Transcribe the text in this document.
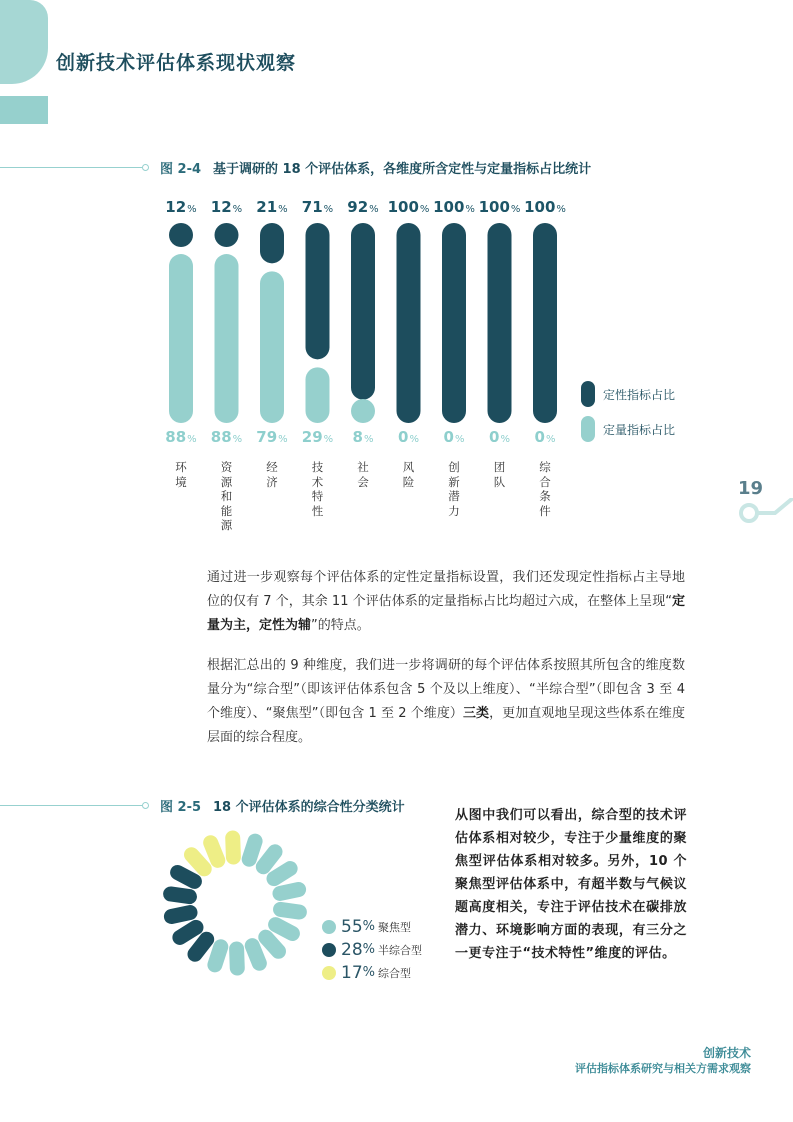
创新技术评估体系现状观察
图 2-4 基于调研的 18 个评估体系，各维度所含定性与定量指标占比统计
12%
88%
环境
12%
88%
资源和能源
21%
79%
经济
71%
29%
技术特性
92%
8%
社会
100%
0%
风险
100%
0%
创新潜力
100%
0%
团队
100%
0%
综合条件
定性指标占比
定量指标占比
19
通过进一步观察每个评估体系的定性定量指标设置，我们还发现定性指标占主导地位的仅有 7 个，其余 11 个评估体系的定量指标占比均超过六成，在整体上呈现“定量为主，定性为辅”的特点。
根据汇总出的 9 种维度，我们进一步将调研的每个评估体系按照其所包含的维度数量分为“综合型”（即该评估体系包含 5 个及以上维度）、“半综合型”（即包含 3 至 4 个维度）、“聚焦型”（即包含 1 至 2 个维度）三类，更加直观地呈现这些体系在维度层面的综合程度。
图 2-5 18 个评估体系的综合性分类统计
55 % 聚焦型
28 % 半综合型
17 % 综合型
从图中我们可以看出，综合型的技术评估体系相对较少，专注于少量维度的聚焦型评估体系相对较多。另外，10 个聚焦型评估体系中，有超半数与气候议题高度相关，专注于评估技术在碳排放潜力、环境影响方面的表现，有三分之一更专注于“技术特性”维度的评估。
创新技术
评估指标体系研究与相关方需求观察
